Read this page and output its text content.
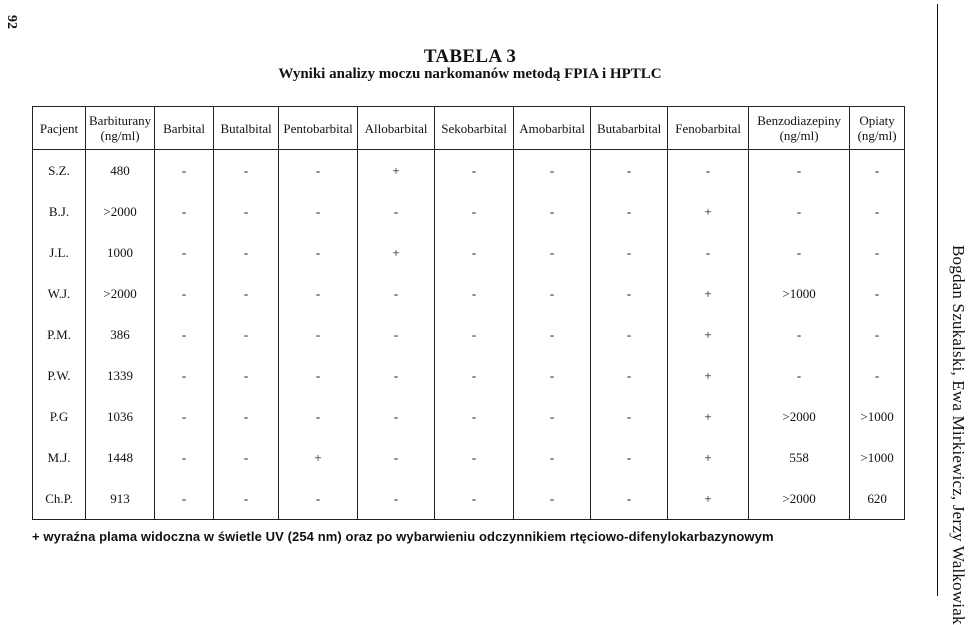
92
Bogdan Szukalski, Ewa Mirkiewicz, Jerzy Walkowiak
TABELA 3
Wyniki analizy moczu narkomanów metodą FPIA i HPTLC
Pacjent	Barbiturany (ng/ml)	Barbital	Butalbital	Pentobarbital	Allobarbital	Sekobarbital	Amobarbital	Butabarbital	Fenobarbital	Benzodiazepiny (ng/ml)	Opiaty (ng/ml)
S.Z.	480	-	-	-	+	-	-	-	-	-	-
B.J.	>2000	-	-	-	-	-	-	-	+	-	-
J.L.	1000	-	-	-	+	-	-	-	-	-	-
W.J.	>2000	-	-	-	-	-	-	-	+	>1000	-
P.M.	386	-	-	-	-	-	-	-	+	-	-
P.W.	1339	-	-	-	-	-	-	-	+	-	-
P.G	1036	-	-	-	-	-	-	-	+	>2000	>1000
M.J.	1448	-	-	+	-	-	-	-	+	558	>1000
Ch.P.	913	-	-	-	-	-	-	-	+	>2000	620
+ wyraźna plama widoczna w świetle UV (254 nm) oraz po wybarwieniu odczynnikiem rtęciowo-difenylokarbazynowym
